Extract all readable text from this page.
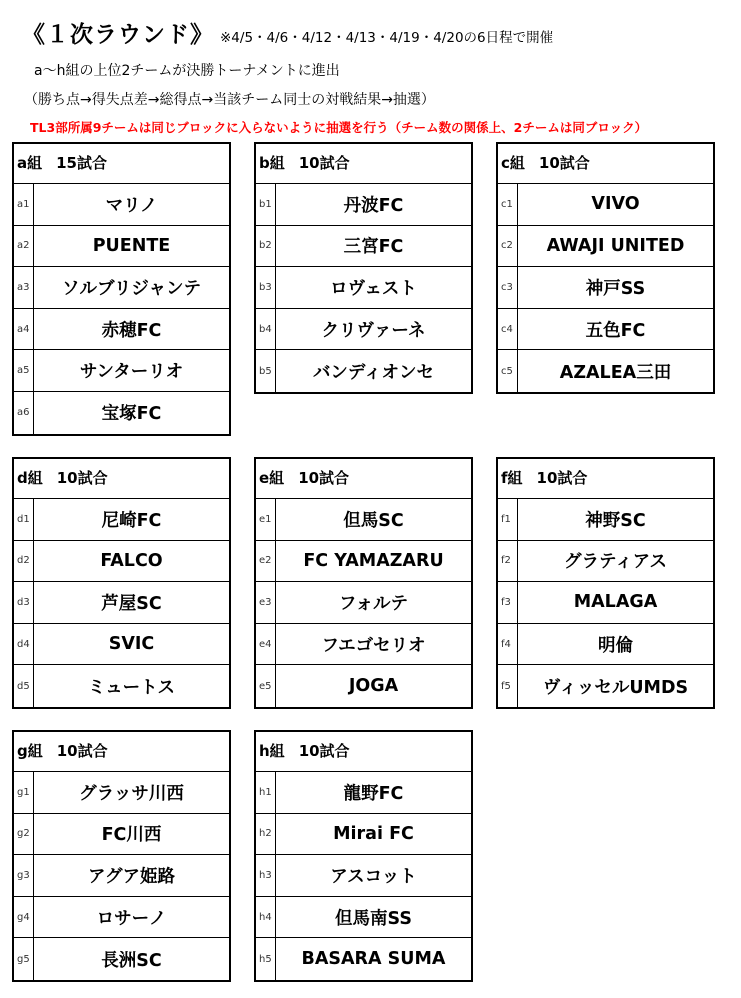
《１次ラウンド》 ※4/5・4/6・4/12・4/13・4/19・4/20の6日程で開催
a～h組の上位2チームが決勝トーナメントに進出
（勝ち点→得失点差→総得点→当該チーム同士の対戦結果→抽選）
TL3部所属9チームは同じブロックに入らないように抽選を行う（チーム数の関係上、2チームは同ブロック）
a組 15試合
a1	マリノ
a2	PUENTE
a3	ソルブリジャンテ
a4	赤穂FC
a5	サンターリオ
a6	宝塚FC
b組 10試合
b1	丹波FC
b2	三宮FC
b3	ロヴェスト
b4	クリヴァーネ
b5	バンディオンセ
c組 10試合
c1	VIVO
c2	AWAJI UNITED
c3	神戸SS
c4	五色FC
c5	AZALEA三田
d組 10試合
d1	尼崎FC
d2	FALCO
d3	芦屋SC
d4	SVIC
d5	ミュートス
e組 10試合
e1	但馬SC
e2	FC YAMAZARU
e3	フォルテ
e4	フエゴセリオ
e5	JOGA
f組 10試合
f1	神野SC
f2	グラティアス
f3	MALAGA
f4	明倫
f5	ヴィッセルUMDS
g組 10試合
g1	グラッサ川西
g2	FC川西
g3	アグア姫路
g4	ロサーノ
g5	長洲SC
h組 10試合
h1	龍野FC
h2	Mirai FC
h3	アスコット
h4	但馬南SS
h5	BASARA SUMA
